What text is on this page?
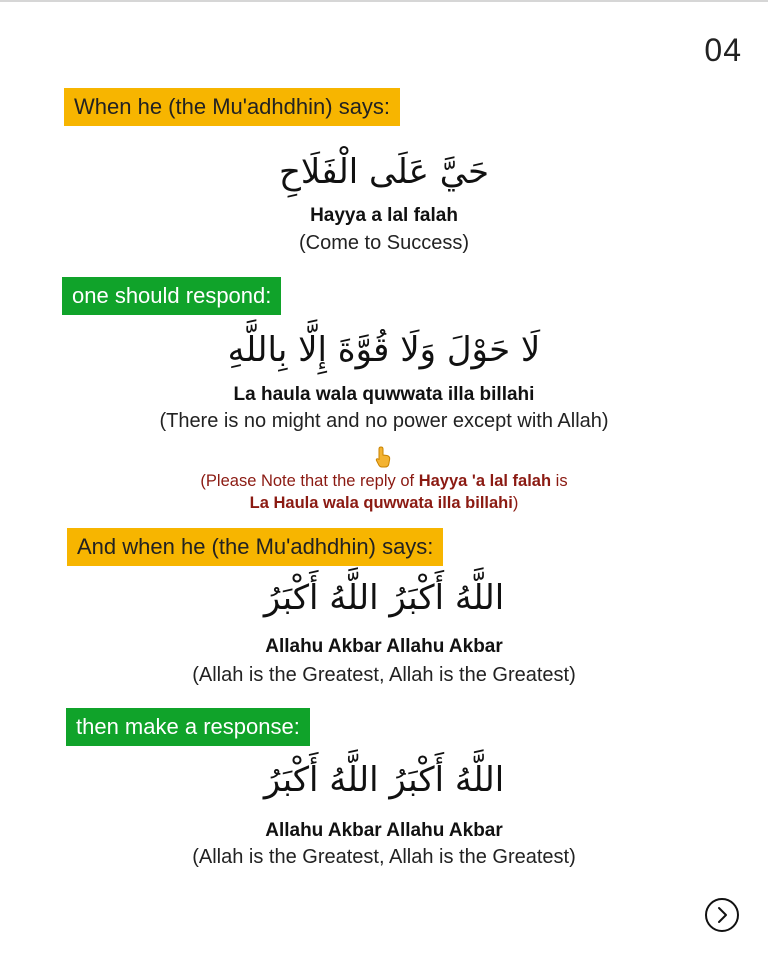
04
When he (the Mu'adhdhin) says:
حَيَّ عَلَى الْفَلَاحِ
Hayya a lal falah
(Come to Success)
one should respond:
لَا حَوْلَ وَلَا قُوَّةَ إِلَّا بِاللَّهِ
La haula wala quwwata illa billahi
(There is no might and no power except with Allah)
(Please Note that the reply of Hayya 'a lal falah is
La Haula wala quwwata illa billahi)
And when he (the Mu'adhdhin) says:
اللَّهُ أَكْبَرُ اللَّهُ أَكْبَرُ
Allahu Akbar Allahu Akbar
(Allah is the Greatest, Allah is the Greatest)
then make a response:
اللَّهُ أَكْبَرُ اللَّهُ أَكْبَرُ
Allahu Akbar Allahu Akbar
(Allah is the Greatest, Allah is the Greatest)
